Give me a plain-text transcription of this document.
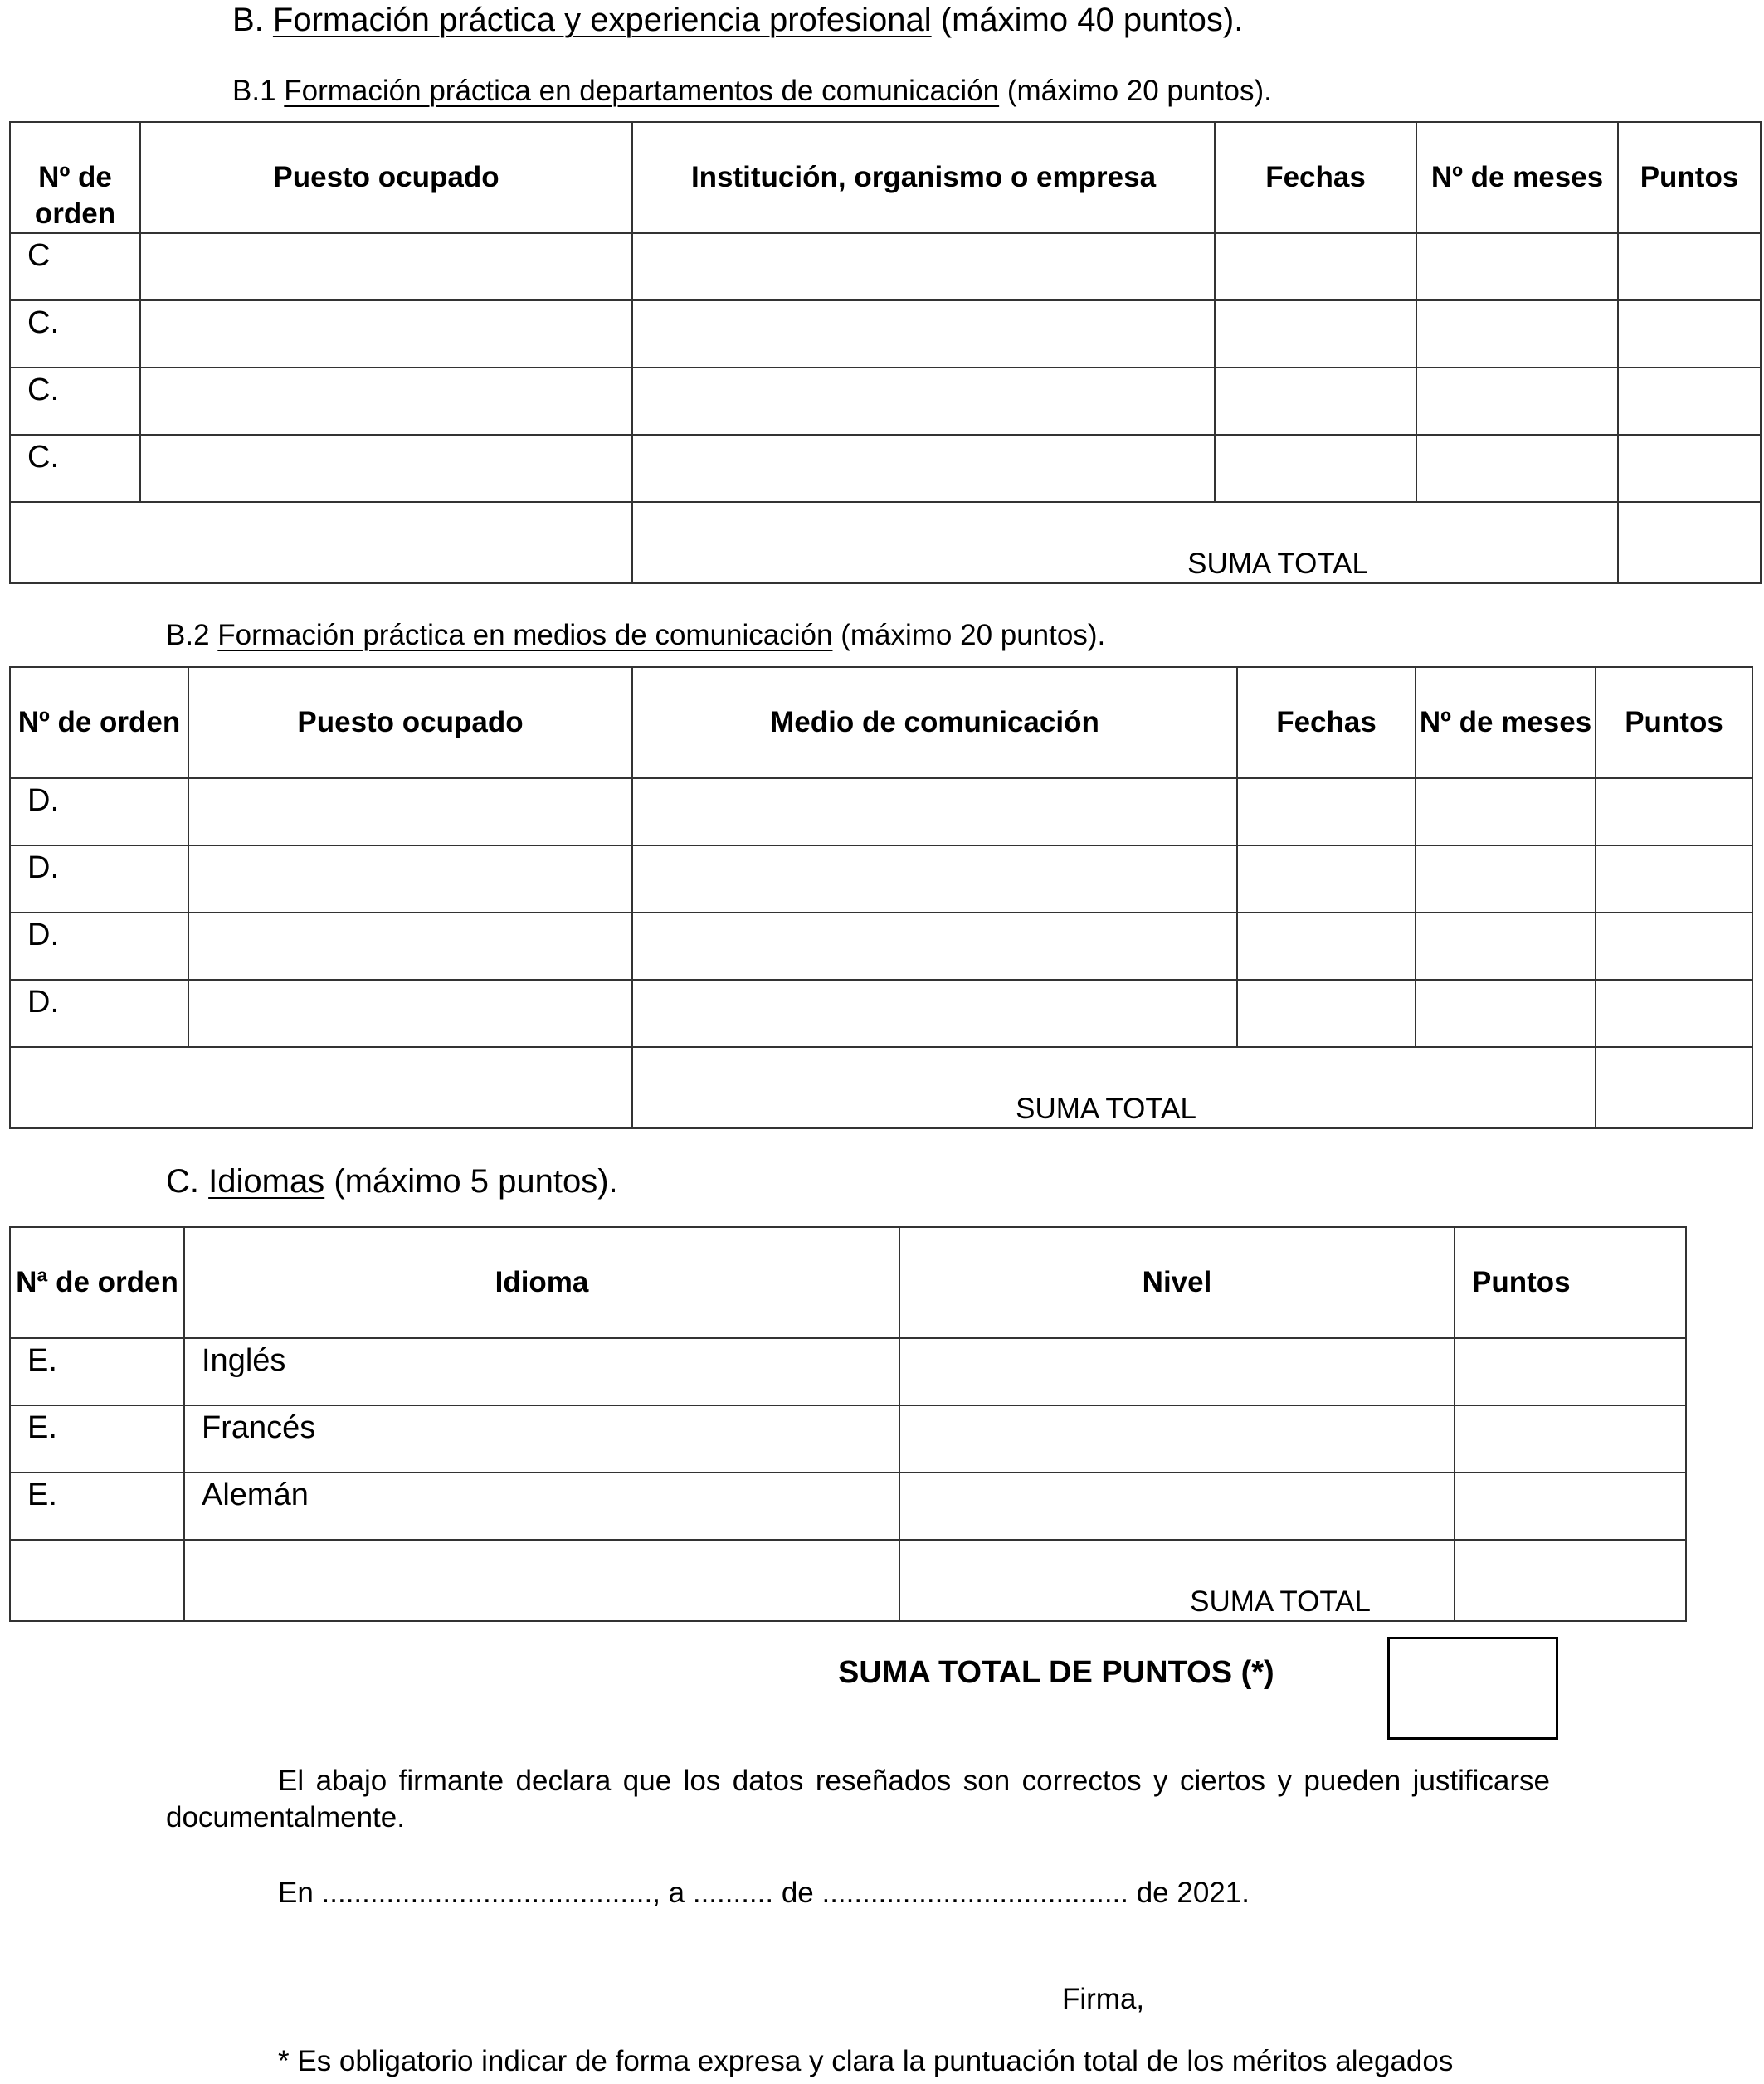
B. Formación práctica y experiencia profesional (máximo 40 puntos).
B.1 Formación práctica en departamentos de comunicación (máximo 20 puntos).
Nº de orden	Puesto ocupado	Institución, organismo o empresa	Fechas	Nº de meses	Puntos
C					
C.					
C.					
C.					
		SUMA TOTAL			
B.2 Formación práctica en medios de comunicación (máximo 20 puntos).
Nº de orden	Puesto ocupado	Medio de comunicación	Fechas	Nº de meses	Puntos
D.					
D.					
D.					
D.					
		SUMA TOTAL			
C. Idiomas (máximo 5 puntos).
Nª de orden	Idioma	Nivel	Puntos
E.	Inglés		
E.	Francés		
E.	Alemán		
		SUMA TOTAL	
SUMA TOTAL DE PUNTOS (*)
El abajo firmante declara que los datos reseñados son correctos y ciertos y pueden justificarse documentalmente.
En ........................................., a .......... de ...................................... de 2021.
Firma,
* Es obligatorio indicar de forma expresa y clara la puntuación total de los méritos alegados
